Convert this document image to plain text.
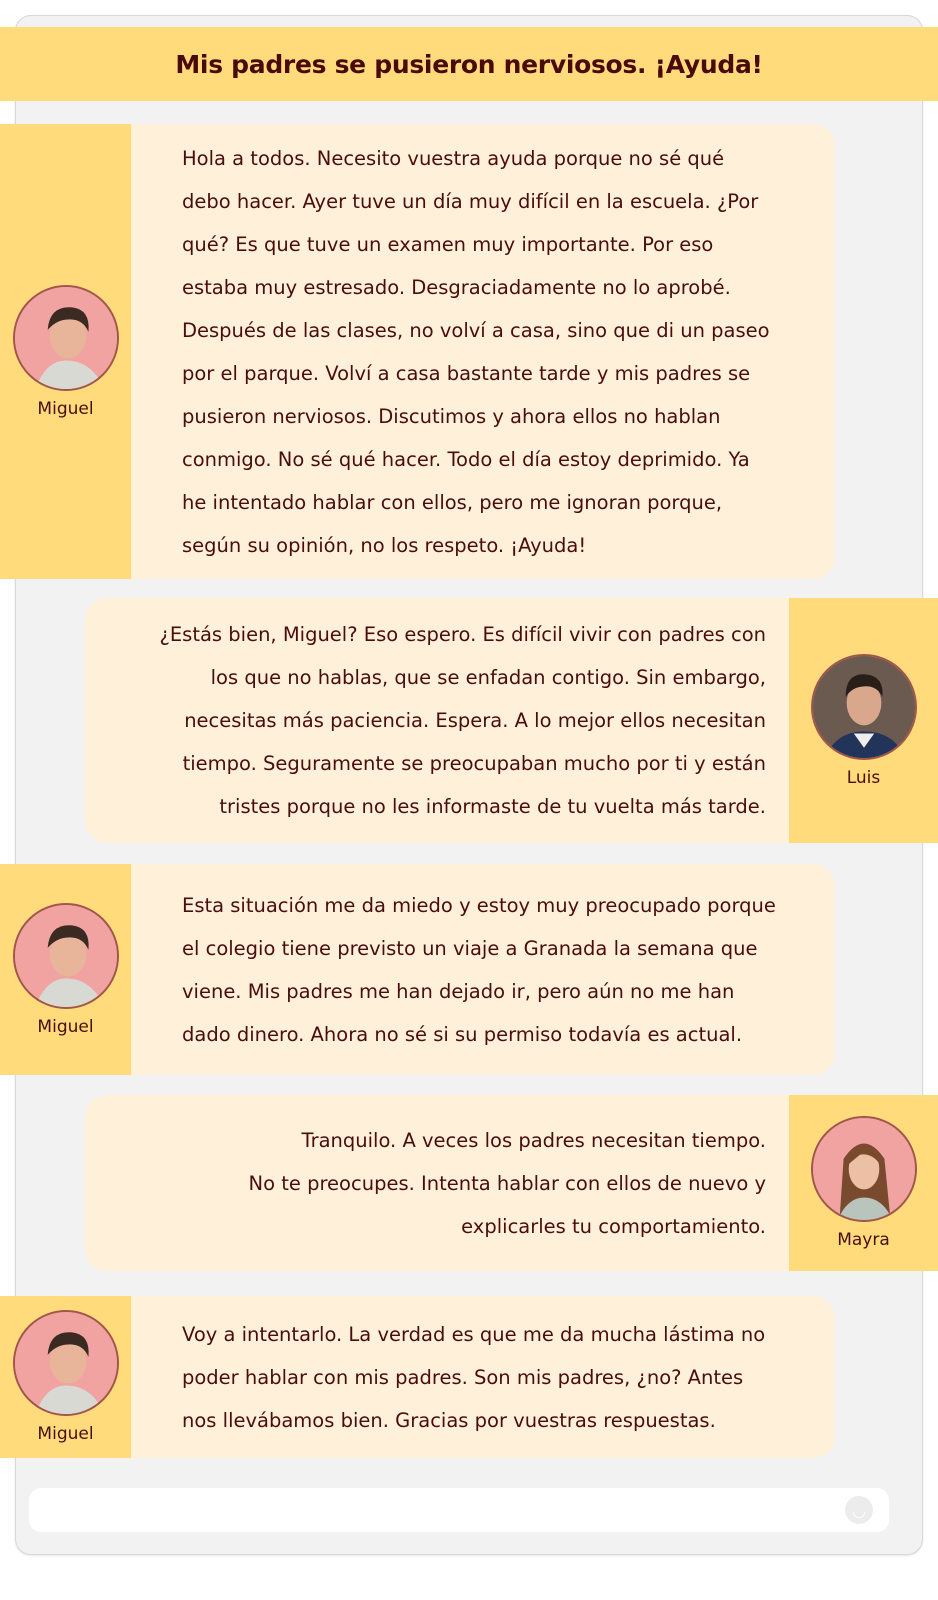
Mis padres se pusieron nerviosos. ¡Ayuda!
Hola a todos. Necesito vuestra ayuda porque no sé qué
debo hacer. Ayer tuve un día muy difícil en la escuela. ¿Por
qué? Es que tuve un examen muy importante. Por eso
estaba muy estresado. Desgraciadamente no lo aprobé.
Después de las clases, no volví a casa, sino que di un paseo
por el parque. Volví a casa bastante tarde y mis padres se
pusieron nerviosos. Discutimos y ahora ellos no hablan
conmigo. No sé qué hacer. Todo el día estoy deprimido. Ya
he intentado hablar con ellos, pero me ignoran porque,
según su opinión, no los respeto. ¡Ayuda!
Miguel
¿Estás bien, Miguel? Eso espero. Es difícil vivir con padres con
los que no hablas, que se enfadan contigo. Sin embargo,
necesitas más paciencia. Espera. A lo mejor ellos necesitan
tiempo. Seguramente se preocupaban mucho por ti y están
tristes porque no les informaste de tu vuelta más tarde.
Luis
Esta situación me da miedo y estoy muy preocupado porque
el colegio tiene previsto un viaje a Granada la semana que
viene. Mis padres me han dejado ir, pero aún no me han
dado dinero. Ahora no sé si su permiso todavía es actual.
Miguel
Tranquilo. A veces los padres necesitan tiempo.
No te preocupes. Intenta hablar con ellos de nuevo y
explicarles tu comportamiento.
Mayra
Voy a intentarlo. La verdad es que me da mucha lástima no
poder hablar con mis padres. Son mis padres, ¿no? Antes
nos llevábamos bien. Gracias por vuestras respuestas.
Miguel
◡
